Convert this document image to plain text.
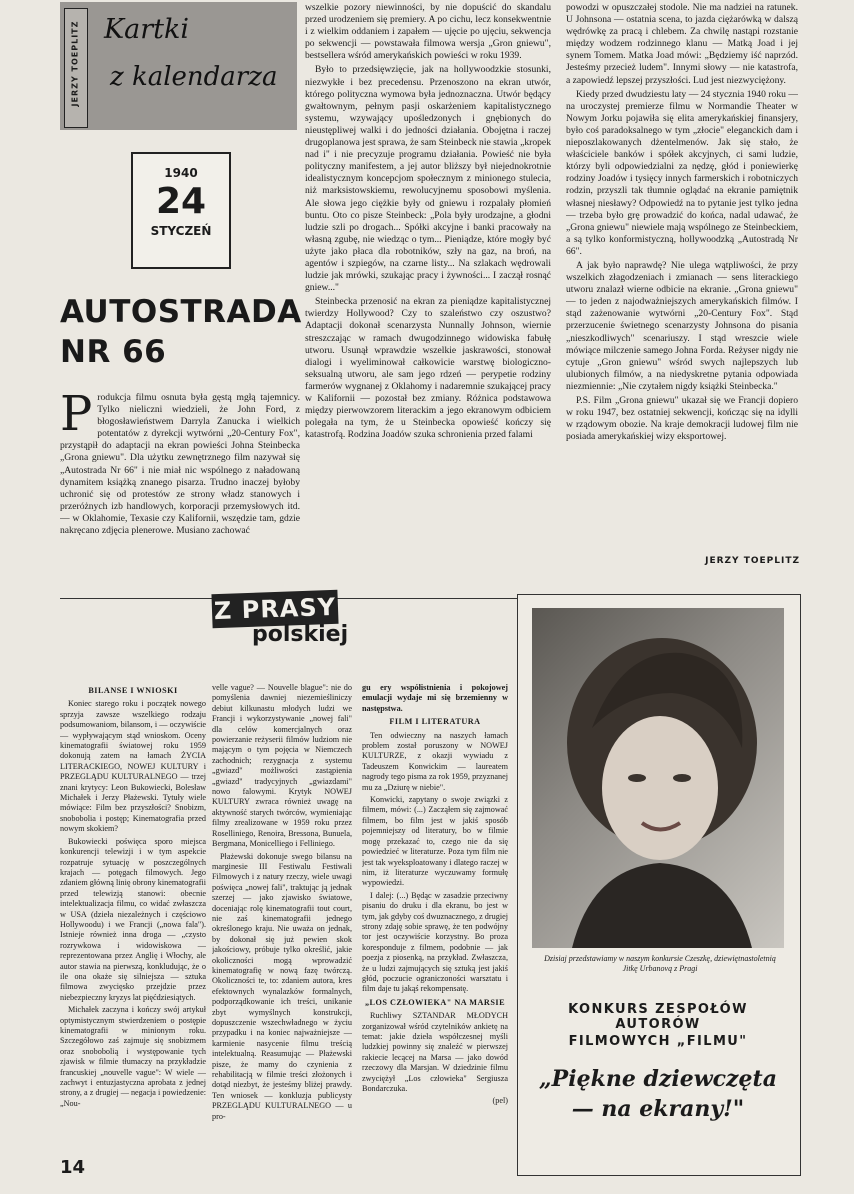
JERZY TOEPLITZ Kartki
z kalendarza
1940
24
STYCZEŃ
AUTOSTRADA
NR 66
P rodukcja filmu osnuta była gęstą mgłą tajemnicy. Tylko nieliczni wiedzieli, że John Ford, z błogosławieństwem Darryla Zanucka i wielkich potentatów z dyrekcji wytwórni „20-Century Fox", przystąpił do adaptacji na ekran powieści Johna Steinbecka „Grona gniewu". Dla użytku zewnętrznego film nazywał się „Autostrada Nr 66" i nie miał nic wspólnego z naładowaną dynamitem książką znanego pisarza. Trudno inaczej byłoby uchronić się od protestów ze strony władz stanowych i przeróżnych izb handlowych, korporacji przemysłowych itd. — w Oklahomie, Texasie czy Kalifornii, wszędzie tam, gdzie nakręcano zdjęcia plenerowe. Musiano zachować

wszelkie pozory niewinności, by nie dopuścić do skandalu przed urodzeniem się premiery. A po cichu, lecz konsekwentnie i z wielkim oddaniem i zapałem — ujęcie po ujęciu, sekwencja po sekwencji — powstawała filmowa wersja „Gron gniewu", bestsellera wśród amerykańskich powieści w roku 1939.

Było to przedsięwzięcie, jak na hollywoodzkie stosunki, niezwykłe i bez precedensu. Przenoszono na ekran utwór, którego polityczna wymowa była jednoznaczna. Utwór będący gwałtownym, pełnym pasji oskarżeniem kapitalistycznego systemu, wzywający upośledzonych i gnębionych do nieustępliwej walki i do jedności działania. Obojętna i raczej drugoplanowa jest sprawa, że sam Steinbeck nie stawia „kropek nad i" i nie precyzuje programu działania. Powieść nie była polityczny manifestem, a jej autor bliższy był niejednokrotnie idealistycznym koncepcjom społecznym z minionego stulecia, niż marksistowskiemu, rewolucyjnemu sposobowi myślenia. Ale słowa jego ciężkie były od gniewu i rozpalały płomień buntu. Oto co pisze Steinbeck: „Pola były urodzajne, a głodni ludzie szli po drogach... Spółki akcyjne i banki pracowały na własną zgubę, nie wiedząc o tym... Pieniądze, które mogły być użyte jako płaca dla robotników, szły na gaz, na broń, na agentów i szpiegów, na czarne listy... Na szlakach wędrowali ludzie jak mrówki, szukając pracy i żywności... I zaczął rosnąć gniew..."

Steinbecka przenosić na ekran za pieniądze kapitalistycznej twierdzy Hollywood? Czy to szaleństwo czy oszustwo? Adaptacji dokonał scenarzysta Nunnally Johnson, wiernie streszczając w ramach dwugodzinnego widowiska fabułę utworu. Usunął wprawdzie wszelkie jaskrawości, stonował dialogi i wyeliminował całkowicie warstwę biologiczno-seksualną utworu, ale sam jego rdzeń — perypetie rodziny farmerów wygnanej z Oklahomy i nadaremnie szukającej pracy w Kalifornii — pozostał bez zmiany. Różnica podstawowa między pierwowzorem literackim a jego ekranowym odbiciem polegała na tym, że u Steinbecka opowieść kończy się katastrofą. Rodzina Joadów szuka schronienia przed falami

powodzi w opuszczałej stodole. Nie ma nadziei na ratunek. U Johnsona — ostatnia scena, to jazda ciężarówką w dalszą wędrówkę za pracą i chlebem. Za chwilę nastąpi rozstanie między wodzem rodzinnego klanu — Matką Joad i jej synem Tomem. Matka Joad mówi: „Będziemy iść naprzód. Jesteśmy przecież ludem". Innymi słowy — nie katastrofa, a zapowiedź lepszej przyszłości. Lud jest niezwyciężony.

Kiedy przed dwudziestu laty — 24 stycznia 1940 roku — na uroczystej premierze filmu w Normandie Theater w Nowym Jorku pojawiła się elita amerykańskiej finansjery, było coś paradoksalnego w tym „złocie" eleganckich dam i nieposzlakowanych dżentelmenów. Jak się stało, że właściciele banków i spółek akcyjnych, ci sami ludzie, którzy byli odpowiedzialni za nędzę, głód i poniewierkę rodziny Joadów i tysięcy innych farmerskich i robotniczych rodzin, przyszli tak tłumnie oglądać na ekranie pamiętnik własnej niesławy? Odpowiedź na to pytanie jest tylko jedna — trzeba było grę prowadzić do końca, nadal udawać, że „Grona gniewu" niewiele mają wspólnego ze Steinbeckiem, a są tylko konformistyczną, hollywoodzką „Autostradą Nr 66".

A jak było naprawdę? Nie ulega wątpliwości, że przy wszelkich złagodzeniach i zmianach — sens literackiego utworu znalazł wierne odbicie na ekranie. „Grona gniewu" — to jeden z najodważniejszych amerykańskich filmów. I stąd zażenowanie wytwórni „20-Century Fox". Stąd przerzucenie świetnego scenarzysty Johnsona do pisania „nieszkodliwych" scenariuszy. I stąd wreszcie wiele mówiące milczenie samego Johna Forda. Reżyser nigdy nie cytuje „Gron gniewu" wśród swych najlepszych lub ulubionych filmów, a na niedyskretne pytania odpowiada niezmiennie: „Nie czytałem nigdy książki Steinbecka."

P.S. Film „Grona gniewu" ukazał się we Francji dopiero w roku 1947, bez ostatniej sekwencji, kończąc się na idylli w rządowym obozie. Na kraje demokracji ludowej film nie posiada amerykańskiej wizy eksportowej.

JERZY TOEPLITZ
Z PRASY
polskiej

BILANSE I WNIOSKI

Koniec starego roku i początek nowego sprzyja zawsze wszelkiego rodzaju podsumowaniom, bilansom, i — oczywiście — wypływającym stąd wnioskom. Oceny kinematografii światowej roku 1959 dokonują zatem na łamach ŻYCIA LITERACKIEGO, NOWEJ KULTURY i PRZEGLĄDU KULTURALNEGO — trzej znani krytycy: Leon Bukowiecki, Bolesław Michałek i Jerzy Płażewski. Tytuły wiele mówiące: Film bez przyszłości? Snobizm, snobobolia i postęp; Kinematografia przed nowym skokiem?

Bukowiecki poświęca sporo miejsca konkurencji telewizji i w tym aspekcie rozpatruje sytuację w poszczególnych krajach — potęgach filmowych. Jego zdaniem główną linię obrony kinematografii przed telewizją stanowi: obecnie intelektualizacja filmu, co widać zwłaszcza w USA (dzieła niezależnych i częściowo Hollywoodu) i we Francji („nowa fala"). Istnieje również inna droga — „czysto rozrywkowa i widowiskowa — reprezentowana przez Anglię i Włochy, ale autor stawia na pierwszą, konkludując, że o ile ona okaże się silniejsza — sztuka filmowa zwycięsko przejdzie przez niebezpieczny kryzys lat pięćdziesiątych.

Michałek zaczyna i kończy swój artykuł optymistycznym stwierdzeniem o postępie kinematografii w minionym roku. Szczegółowo zaś zajmuje się snobizmem oraz snobobolią i występowanie tych zjawisk w filmie tłumaczy na przykładzie francuskiej „nouvelle vague": W wiele — zachwyt i entuzjastyczna aprobata z jednej strony, a z drugiej — negacja i powiedzenie: „Nou-

velle vague? — Nouvelle blague": nie do pomyślenia dawniej niezemieśliniczy debiut kilkunastu młodych ludzi we Francji i wykorzystywanie „nowej fali" dla celów komercjalnych oraz powierzanie reżyserii filmów ludziom nie mającym o tym pojęcia w Niemczech zachodnich; rezygnacja z systemu „gwiazd" możliwości zastąpienia „gwiazd" tradycyjnych „gwiazdami" nowo falowymi. Krytyk NOWEJ KULTURY zwraca również uwagę na aktywność starych twórców, wymieniając filmy zrealizowane w 1959 roku przez Roselliniego, Renoira, Bressona, Bunuela, Bergmana, Monicelliego i Felliniego.

Płażewski dokonuje swego bilansu na marginesie III Festiwalu Festiwali Filmowych i z natury rzeczy, wiele uwagi poświęca „nowej fali", traktując ją jednak szerzej — jako zjawisko światowe, doceniając rolę kinematografii tout court, nie zaś kinematografii jednego określonego kraju. Nie uważa on jednak, by dokonał się już pewien skok jakościowy, próbuje tylko określić, jakie okoliczności mogą wprowadzić kinematografię w nową fazę twórczą. Okoliczności te, to: zdaniem autora, kres efektownych wynalazków formalnych, podporządkowanie ich treści, unikanie zbyt wymyślnych konstrukcji, dopuszczenie wszechwładnego w życiu przypadku i na koniec najważniejsze — karmienie nasycenie filmu treścią intelektualną. Reasumując — Płażewski pisze, że mamy do czynienia z rehabilitacją w filmie treści złożonych i dotąd niezbyt, że jesteśmy bliżej prawdy. Ten wniosek — konkluzja publicysty PRZEGLĄDU KULTURALNEGO — u pro-

gu ery współistnienia i pokojowej emulacji wydaje mi się brzemienny w następstwa.

FILM I LITERATURA

Ten odwieczny na naszych łamach problem został poruszony w NOWEJ KULTURZE, z okazji wywiadu z Tadeuszem Konwickim — laureatem nagrody tego pisma za rok 1959, przyznanej mu za „Dziurę w niebie".

Konwicki, zapytany o swoje związki z filmem, mówi: (...) Zacząłem się zajmować filmem, bo film jest w jakiś sposób pojemniejszy od literatury, bo w filmie mogę przekazać to, czego nie da się powiedzieć w literaturze. Poza tym film nie jest tak wyeksploatowany i dlatego raczej w nim, iż literaturze wyczuwamy formułę wypowiedzi.

I dalej: (...) Będąc w zasadzie przeciwny pisaniu do druku i dla ekranu, bo jest w tym, jak gdyby coś dwuznacznego, z drugiej strony zdaję sobie sprawę, że ten podwójny tor jest oczywiście korzystny. Bo proza koresponduje z filmem, podobnie — jak poezja z piosenką, na przykład. Zwłaszcza, że u ludzi zajmujących się sztuką jest jakiś głód, poczucie ograniczoności warsztatu i film daje tu jakąś rekompensatę.

„LOS CZŁOWIEKA" NA MARSIE

Ruchliwy SZTANDAR MŁODYCH zorganizował wśród czytelników ankietę na temat: jakie dzieła współczesnej myśli ludzkiej powinny się znaleźć w pierwszej rakiecie lecącej na Marsa — jako dowód rzeczowy dla Marsjan. W dziedzinie filmu zwyciężył „Los człowieka" Sergiusza Bondarczuka.

(pel)

Dzisiaj przedstawiamy w naszym konkursie Czeszkę, dziewiętnastoletnią Jitkę Urbanovą z Pragi
KONKURS ZESPOŁÓW AUTORÓW
FILMOWYCH „FILMU"
„Piękne dziewczęta
— na ekrany!"
14
